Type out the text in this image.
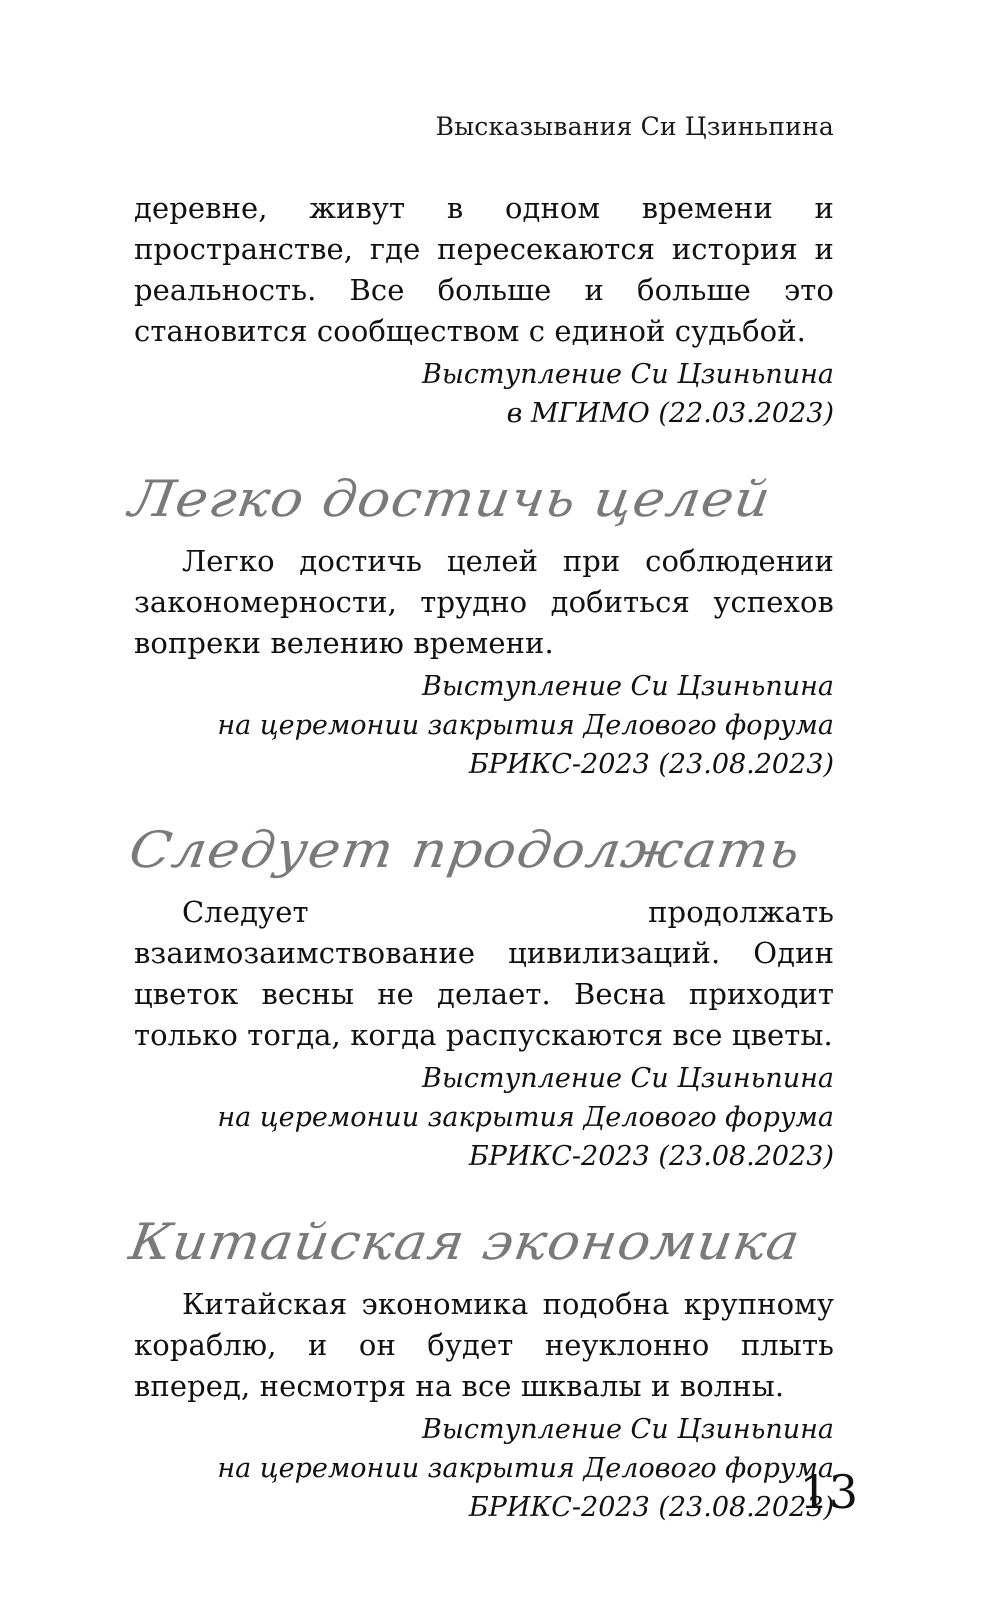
Высказывания Си Цзиньпина

деревне, живут в одном времени и пространстве, где пересекаются история и реальность. Все больше и больше это становится сообществом с единой судьбой.

Выступление Си Цзиньпина
в МГИМО (22.03.2023)
Легко достичь целей

Легко достичь целей при соблюдении закономерности, трудно добиться успехов вопреки велению времени.

Выступление Си Цзиньпина
на церемонии закрытия Делового форума
БРИКС-2023 (23.08.2023)
Следует продолжать

Следует продолжать взаимозаимствование цивилизаций. Один цветок весны не делает. Весна приходит только тогда, когда распускаются все цветы.

Выступление Си Цзиньпина
на церемонии закрытия Делового форума
БРИКС-2023 (23.08.2023)
Китайская экономика

Китайская экономика подобна крупному кораблю, и он будет неуклонно плыть вперед, несмотря на все шквалы и волны.

Выступление Си Цзиньпина
на церемонии закрытия Делового форума
БРИКС-2023 (23.08.2023)
13
